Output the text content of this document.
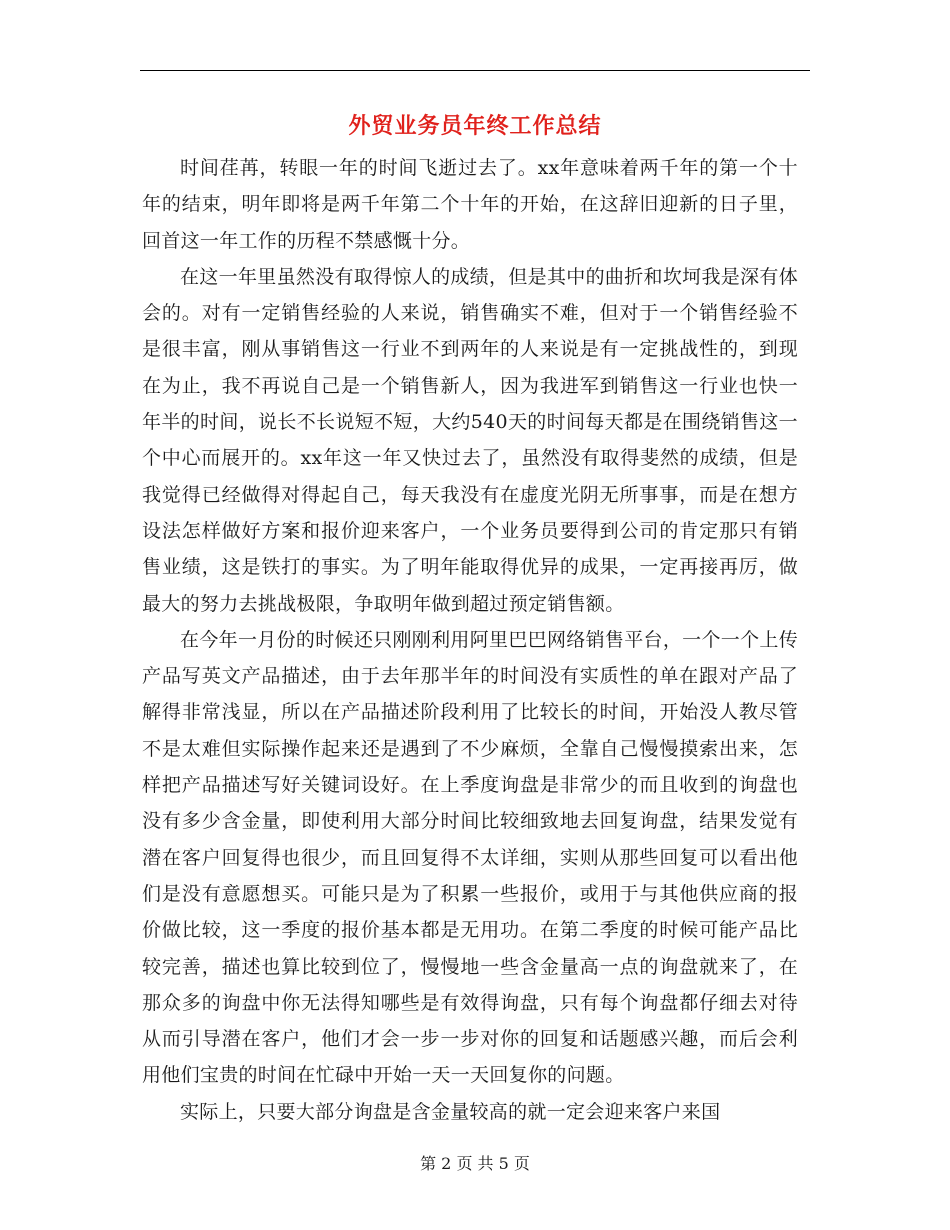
外贸业务员年终工作总结

时间荏苒，转眼一年的时间飞逝过去了。xx年意味着两千年的第一个十年的结束，明年即将是两千年第二个十年的开始，在这辞旧迎新的日子里，回首这一年工作的历程不禁感慨十分。

在这一年里虽然没有取得惊人的成绩，但是其中的曲折和坎坷我是深有体会的。对有一定销售经验的人来说，销售确实不难，但对于一个销售经验不是很丰富，刚从事销售这一行业不到两年的人来说是有一定挑战性的，到现在为止，我不再说自己是一个销售新人，因为我进军到销售这一行业也快一年半的时间，说长不长说短不短，大约540天的时间每天都是在围绕销售这一个中心而展开的。xx年这一年又快过去了，虽然没有取得斐然的成绩，但是我觉得已经做得对得起自己，每天我没有在虚度光阴无所事事，而是在想方设法怎样做好方案和报价迎来客户，一个业务员要得到公司的肯定那只有销售业绩，这是铁打的事实。为了明年能取得优异的成果，一定再接再厉，做最大的努力去挑战极限，争取明年做到超过预定销售额。

在今年一月份的时候还只刚刚利用阿里巴巴网络销售平台，一个一个上传产品写英文产品描述，由于去年那半年的时间没有实质性的单在跟对产品了解得非常浅显，所以在产品描述阶段利用了比较长的时间，开始没人教尽管不是太难但实际操作起来还是遇到了不少麻烦，全靠自己慢慢摸索出来，怎样把产品描述写好关键词设好。在上季度询盘是非常少的而且收到的询盘也没有多少含金量，即使利用大部分时间比较细致地去回复询盘，结果发觉有潜在客户回复得也很少，而且回复得不太详细，实则从那些回复可以看出他们是没有意愿想买。可能只是为了积累一些报价，或用于与其他供应商的报价做比较，这一季度的报价基本都是无用功。在第二季度的时候可能产品比较完善，描述也算比较到位了，慢慢地一些含金量高一点的询盘就来了，在那众多的询盘中你无法得知哪些是有效得询盘，只有每个询盘都仔细去对待从而引导潜在客户，他们才会一步一步对你的回复和话题感兴趣，而后会利用他们宝贵的时间在忙碌中开始一天一天回复你的问题。

实际上，只要大部分询盘是含金量较高的就一定会迎来客户来国

第 2 页 共 5 页
